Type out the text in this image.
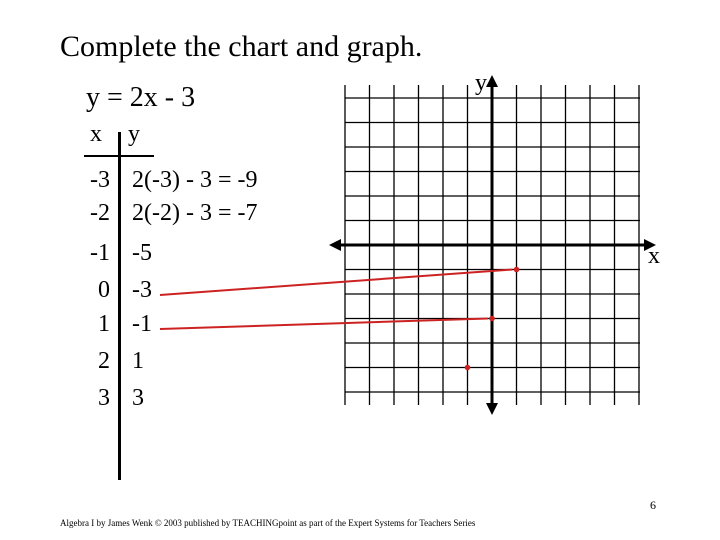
Complete the chart and graph.
y = 2x - 3
x y
-3 2(-3) - 3 = -9
-2 2(-2) - 3 = -7
-1 -5
0 -3
1 -1
2 1
3 3
y
x
6
Algebra I by James Wenk © 2003 published by TEACHINGpoint as part of the Expert Systems for Teachers Series
